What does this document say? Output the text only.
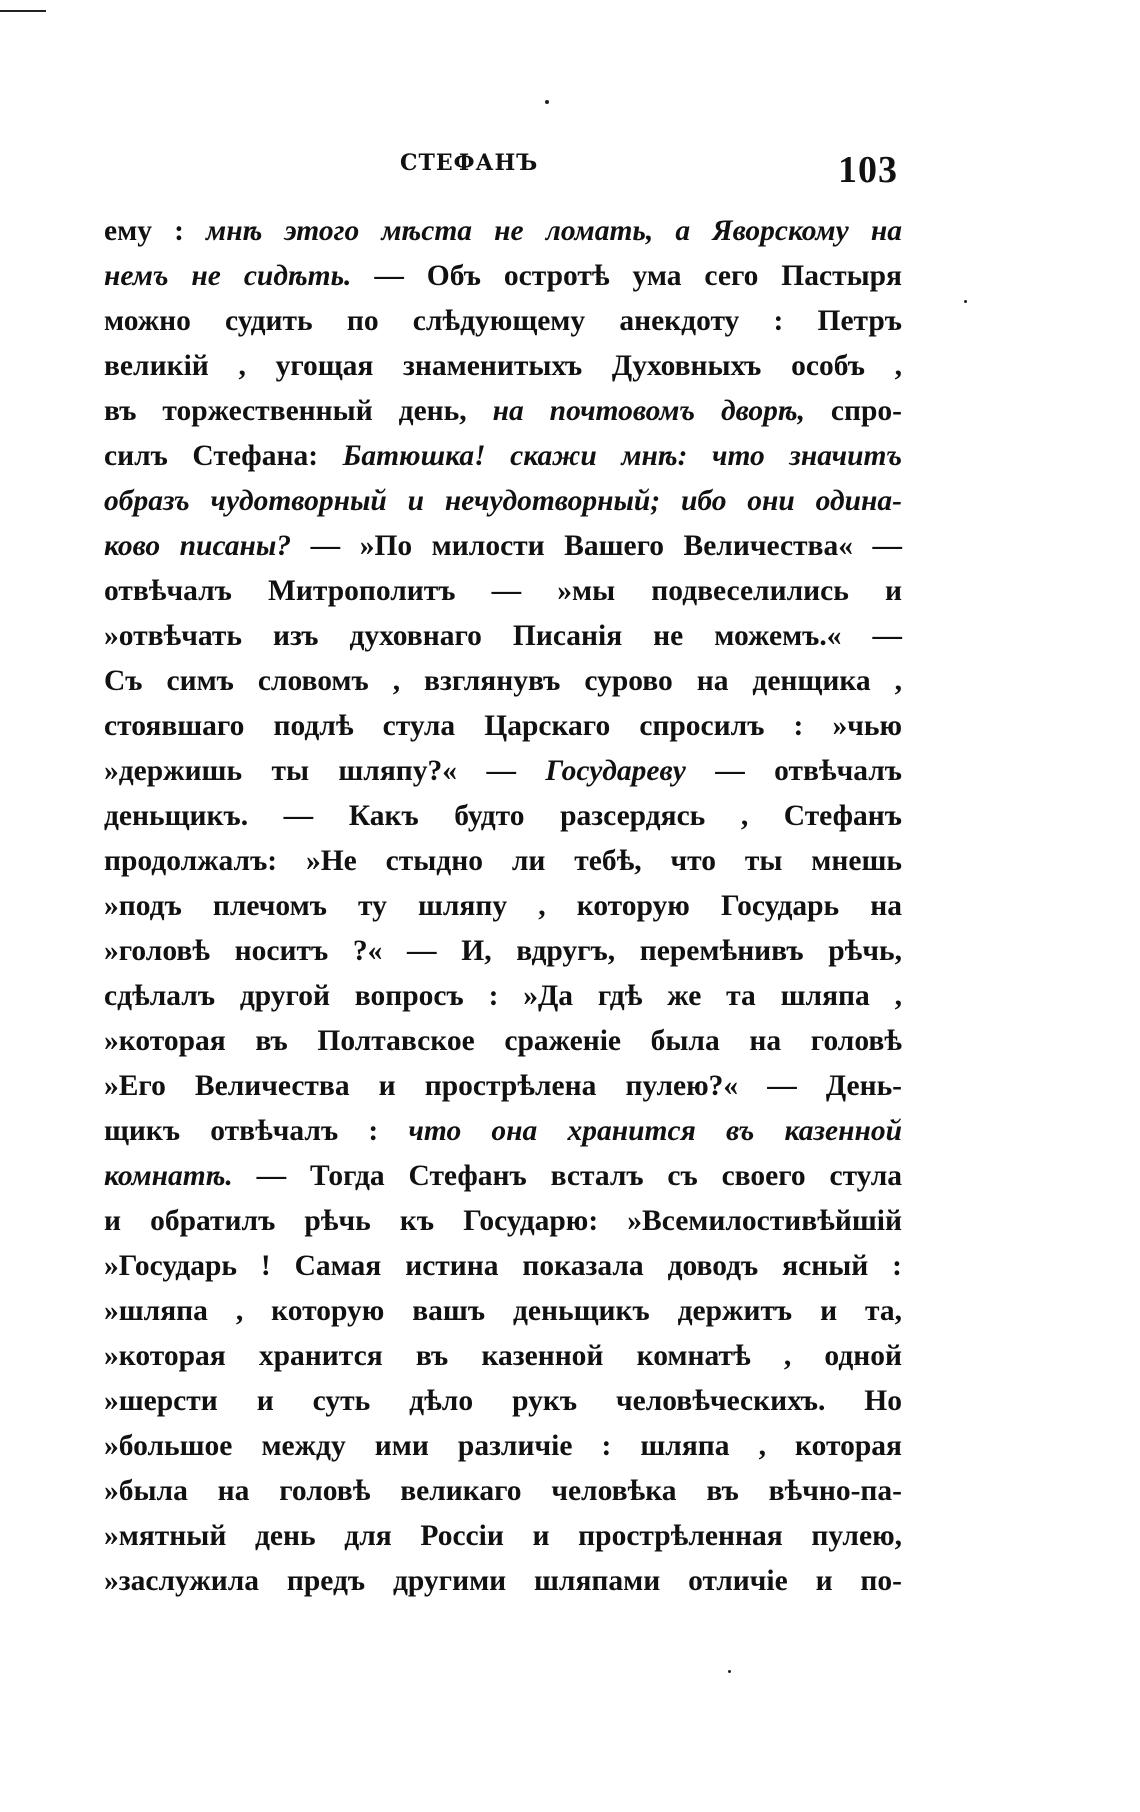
СТЕФАНЪ	103
ему : мнѣ этого мѣста не ломать, а Яворскому на
немъ не сидѣть. — Объ остротѣ ума сего Пастыря
можно судить по слѣдующему анекдоту : Петръ
великій , угощая знаменитыхъ Духовныхъ особъ ,
въ торжественный день, на почтовомъ дворѣ, спро-
силъ Стефана: Батюшка! скажи мнѣ: что значитъ
образъ чудотворный и нечудотворный; ибо они одина-
ково писаны? — »По милости Вашего Величества« —
отвѣчалъ Митрополитъ — »мы подвеселились и
»отвѣчать изъ духовнаго Писанія не можемъ.« —
Съ симъ словомъ , взглянувъ сурово на денщика ,
стоявшаго подлѣ стула Царскаго спросилъ : »чью
»держишь ты шляпу?« — Государеву — отвѣчалъ
деньщикъ. — Какъ будто разсердясь , Стефанъ
продолжалъ: »Не стыдно ли тебѣ, что ты мнешь
»подъ плечомъ ту шляпу , которую Государь на
»головѣ носитъ ?« — И, вдругъ, перемѣнивъ рѣчь,
сдѣлалъ другой вопросъ : »Да гдѣ же та шляпа ,
»которая въ Полтавское сраженіе была на головѣ
»Его Величества и прострѣлена пулею?« — День-
щикъ отвѣчалъ : что она хранится въ казенной
комнатѣ. — Тогда Стефанъ всталъ съ своего стула
и обратилъ рѣчь къ Государю: »Всемилостивѣйшій
»Государь ! Самая истина показала доводъ ясный :
»шляпа , которую вашъ деньщикъ держитъ и та,
»которая хранится въ казенной комнатѣ , одной
»шерсти и суть дѣло рукъ человѣческихъ. Но
»большое между ими различіе : шляпа , которая
»была на головѣ великаго человѣка въ вѣчно-па-
»мятный день для Россіи и прострѣленная пулею,
»заслужила предъ другими шляпами отличіе и по-
